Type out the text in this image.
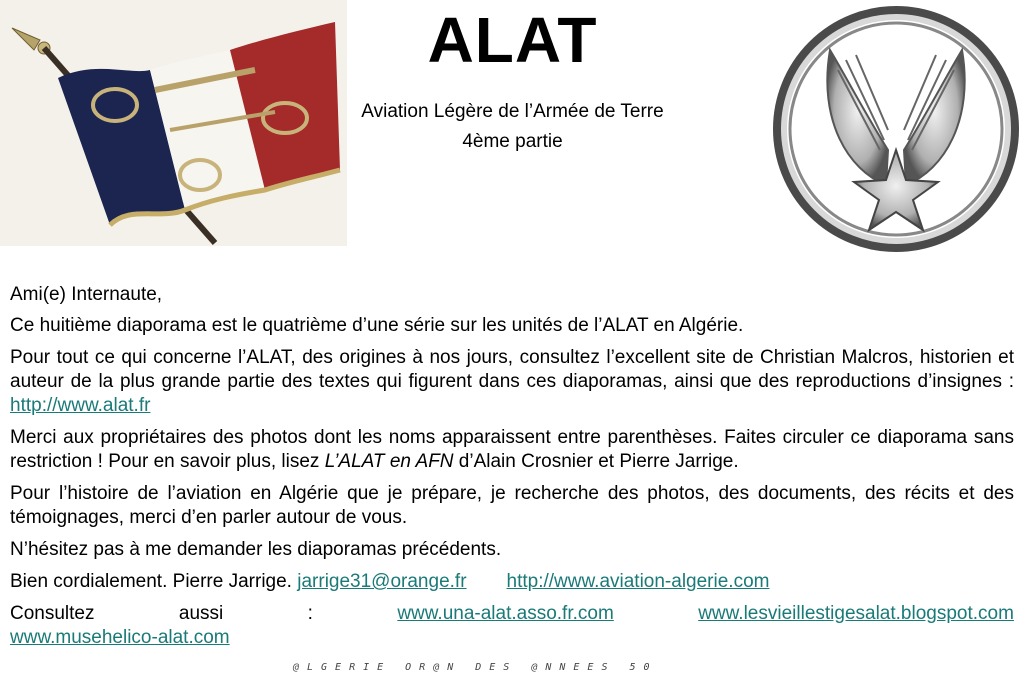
ALAT
Aviation Légère de l’Armée de Terre
4ème partie

Ami(e) Internaute,

Ce huitième diaporama est le quatrième d’une série sur les unités de l’ALAT en Algérie.

Pour tout ce qui concerne l’ALAT, des origines à nos jours, consultez l’excellent site de Christian Malcros, historien et auteur de la plus grande partie des textes qui figurent dans ces diaporamas, ainsi que des reproductions d’insignes : http://www.alat.fr

Merci aux propriétaires des photos dont les noms apparaissent entre parenthèses. Faites circuler ce diaporama sans restriction ! Pour en savoir plus, lisez L’ALAT en AFN d’Alain Crosnier et Pierre Jarrige.

Pour l’histoire de l’aviation en Algérie que je prépare, je recherche des photos, des documents, des récits et des témoignages, merci d’en parler autour de vous.

N’hésitez pas à me demander les diaporamas précédents.

Bien cordialement. Pierre Jarrige. jarrige31@orange.fr http://www.aviation-algerie.com

Consultez	aussi	:	www.una-alat.asso.fr.com	www.lesvieillestigesalat.blogspot.com
www.musehelico-alat.com
@LGERIE OR@N DES @NNEES 50
